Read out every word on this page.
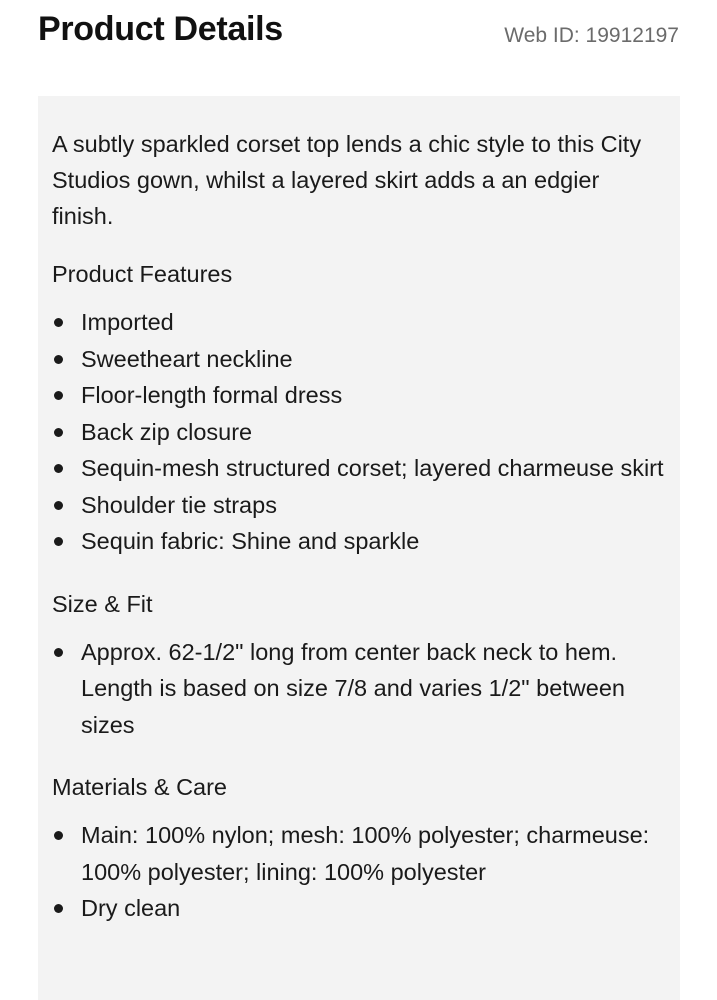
Product Details	Web ID: 19912197

A subtly sparkled corset top lends a chic style to this City Studios gown, whilst a layered skirt adds a an edgier finish.

Product Features
Imported
Sweetheart neckline
Floor-length formal dress
Back zip closure
Sequin-mesh structured corset; layered charmeuse skirt
Shoulder tie straps
Sequin fabric: Shine and sparkle
Size & Fit
Approx. 62-1/2" long from center back neck to hem. Length is based on size 7/8 and varies 1/2" between sizes
Materials & Care
Main: 100% nylon; mesh: 100% polyester; charmeuse: 100% polyester; lining: 100% polyester
Dry clean
